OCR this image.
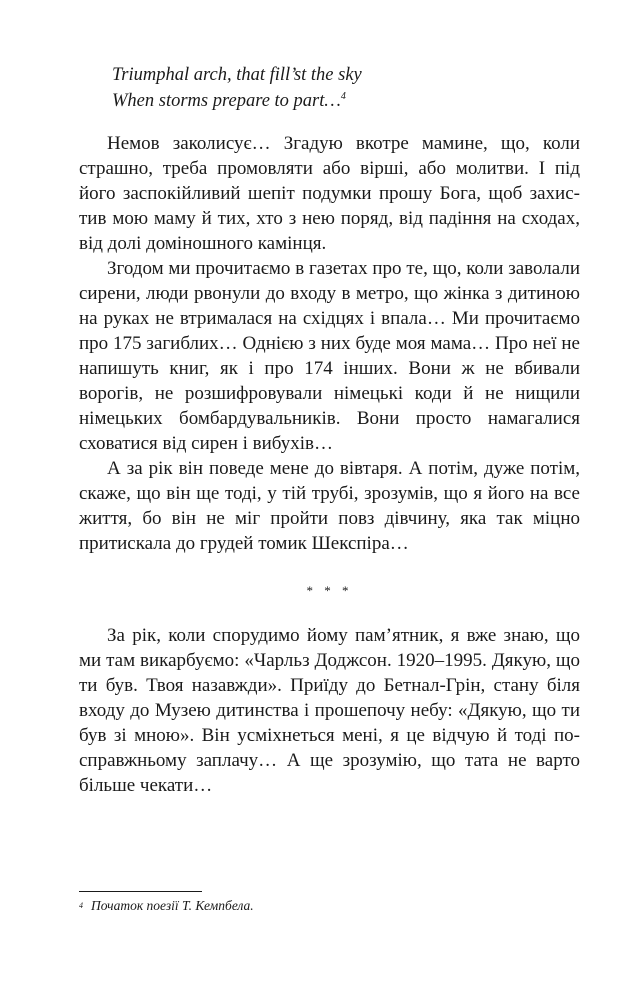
Triumphal arch, that fill’st the sky
When storms prepare to part…$^4$

Немов заколисує… Згадую вкотре мамине, що, коли страшно, треба промовляти або вірші, або молитви. І під його заспокійливий шепіт подумки прошу Бога, щоб захистив мою маму й тих, хто з нею поряд, від падіння на сходах, від долі доміношного камінця.

Згодом ми прочитаємо в газетах про те, що, коли заволали сирени, люди рвонули до входу в метро, що жінка з дитиною на руках не втрималася на східцях і впала… Ми прочитаємо про 175 загиблих… Однією з них буде моя мама… Про неї не напишуть книг, як і про 174 інших. Вони ж не вбивали ворогів, не розшифровували німецькі коди й не нищили німецьких бомбардувальників. Вони просто намагалися сховатися від сирен і вибухів…

А за рік він поведе мене до вівтаря. А потім, дуже потім, скаже, що він ще тоді, у тій трубі, зрозумів, що я його на все життя, бо він не міг пройти повз дівчину, яка так міцно притискала до грудей томик Шекспіра…

* * *

За рік, коли спорудимо йому пам’ятник, я вже знаю, що ми там викарбуємо: «Чарльз Доджсон. 1920–1995. Дякую, що ти був. Твоя назавжди». Приїду до Бетнал-Грін, стану біля входу до Музею дитинства і прошепочу небу: «Дякую, що ти був зі мною». Він усміхнеться мені, я це відчую й тоді по-справжньому заплачу… А ще зрозумію, що тата не варто більше чекати…

$^4$ Початок поезії Т. Кемпбела.
